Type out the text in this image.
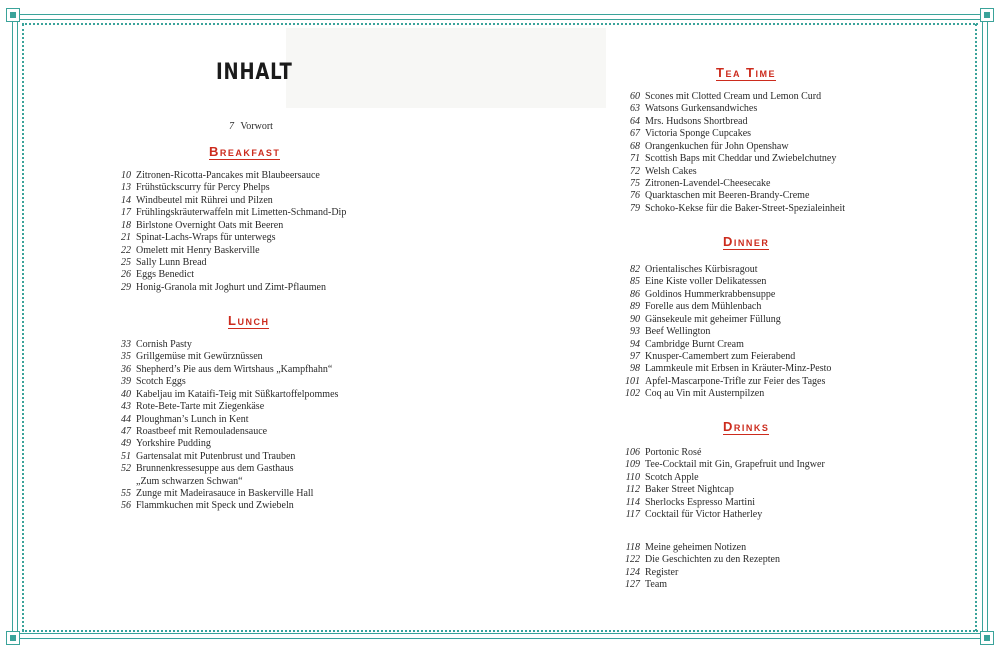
INHALT
7 Vorwort
Breakfast
10 Zitronen-Ricotta-Pancakes mit Blaubeersauce
13 Frühstückscurry für Percy Phelps
14 Windbeutel mit Rührei und Pilzen
17 Frühlingskräuterwaffeln mit Limetten-Schmand-Dip
18 Birlstone Overnight Oats mit Beeren
21 Spinat-Lachs-Wraps für unterwegs
22 Omelett mit Henry Baskerville
25 Sally Lunn Bread
26 Eggs Benedict
29 Honig-Granola mit Joghurt und Zimt-Pflaumen
Lunch
33 Cornish Pasty
35 Grillgemüse mit Gewürznüssen
36 Shepherd’s Pie aus dem Wirtshaus „Kampfhahn“
39 Scotch Eggs
40 Kabeljau im Kataifi-Teig mit Süßkartoffelpommes
43 Rote-Bete-Tarte mit Ziegenkäse
44 Ploughman’s Lunch in Kent
47 Roastbeef mit Remouladensauce
49 Yorkshire Pudding
51 Gartensalat mit Putenbrust und Trauben
52 Brunnenkressesuppe aus dem Gasthaus
„Zum schwarzen Schwan“
55 Zunge mit Madeirasauce in Baskerville Hall
56 Flammkuchen mit Speck und Zwiebeln
Tea Time
60 Scones mit Clotted Cream und Lemon Curd
63 Watsons Gurkensandwiches
64 Mrs. Hudsons Shortbread
67 Victoria Sponge Cupcakes
68 Orangenkuchen für John Openshaw
71 Scottish Baps mit Cheddar und Zwiebelchutney
72 Welsh Cakes
75 Zitronen-Lavendel-Cheesecake
76 Quarktaschen mit Beeren-Brandy-Creme
79 Schoko-Kekse für die Baker-Street-Spezialeinheit
Dinner
82 Orientalisches Kürbisragout
85 Eine Kiste voller Delikatessen
86 Goldinos Hummerkrabbensuppe
89 Forelle aus dem Mühlenbach
90 Gänsekeule mit geheimer Füllung
93 Beef Wellington
94 Cambridge Burnt Cream
97 Knusper-Camembert zum Feierabend
98 Lammkeule mit Erbsen in Kräuter-Minz-Pesto
101 Apfel-Mascarpone-Trifle zur Feier des Tages
102 Coq au Vin mit Austernpilzen
Drinks
106 Portonic Rosé
109 Tee-Cocktail mit Gin, Grapefruit und Ingwer
110 Scotch Apple
112 Baker Street Nightcap
114 Sherlocks Espresso Martini
117 Cocktail für Victor Hatherley
118 Meine geheimen Notizen
122 Die Geschichten zu den Rezepten
124 Register
127 Team
